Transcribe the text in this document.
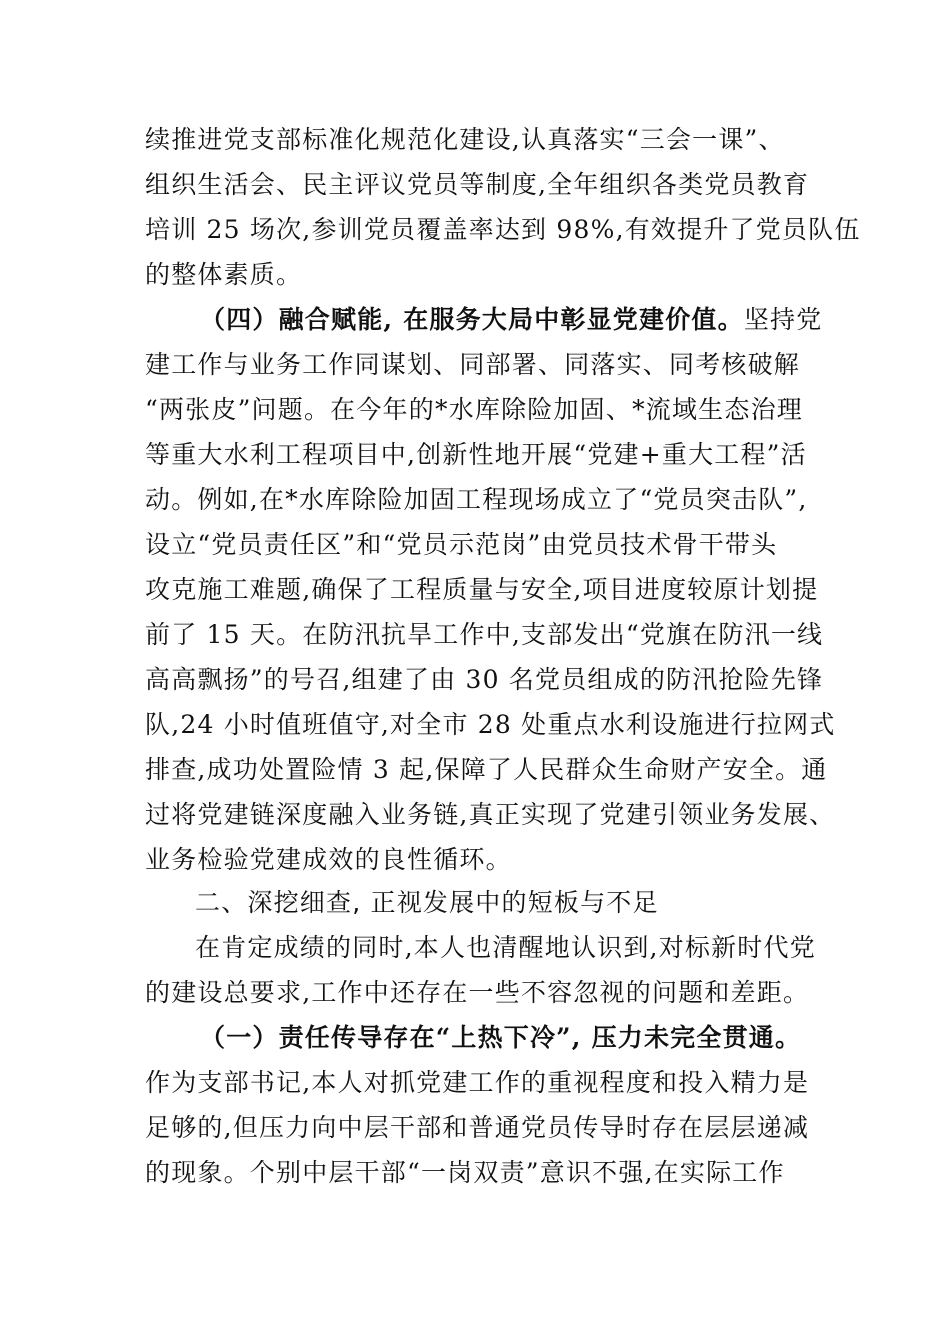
续推进党支部标准化规范化建设,认真落实“三会一课”、
组织生活会、民主评议党员等制度,全年组织各类党员教育
培训 25 场次,参训党员覆盖率达到 98%,有效提升了党员队伍
的整体素质。
（四）融合赋能, 在服务大局中彰显党建价值。坚持党
建工作与业务工作同谋划、同部署、同落实、同考核破解
“两张皮”问题。在今年的*水库除险加固、*流域生态治理
等重大水利工程项目中,创新性地开展“党建+重大工程”活
动。例如,在*水库除险加固工程现场成立了“党员突击队”,
设立“党员责任区”和“党员示范岗”由党员技术骨干带头
攻克施工难题,确保了工程质量与安全,项目进度较原计划提
前了 15 天。在防汛抗旱工作中,支部发出“党旗在防汛一线
高高飘扬”的号召,组建了由 30 名党员组成的防汛抢险先锋
队,24 小时值班值守,对全市 28 处重点水利设施进行拉网式
排查,成功处置险情 3 起,保障了人民群众生命财产安全。通
过将党建链深度融入业务链,真正实现了党建引领业务发展、
业务检验党建成效的良性循环。
二、深挖细查, 正视发展中的短板与不足
在肯定成绩的同时,本人也清醒地认识到,对标新时代党
的建设总要求,工作中还存在一些不容忽视的问题和差距。
（一）责任传导存在“上热下冷”, 压力未完全贯通。
作为支部书记,本人对抓党建工作的重视程度和投入精力是
足够的,但压力向中层干部和普通党员传导时存在层层递减
的现象。个别中层干部“一岗双责”意识不强,在实际工作
